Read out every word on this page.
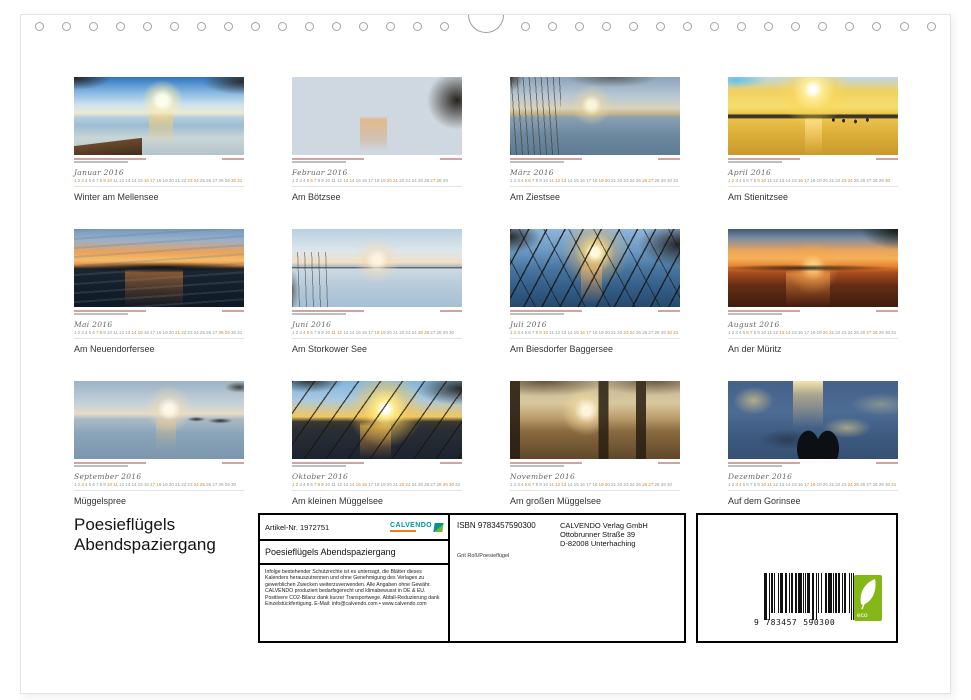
Januar 2016
12345678910111213141516171819202122232425262728293031
Winter am Mellensee
Februar 2016
1234567891011121314151617181920212223242526272829
Am Bötzsee
März 2016
12345678910111213141516171819202122232425262728293031
Am Ziestsee
April 2016
123456789101112131415161718192021222324252627282930
Am Stienitzsee
Mai 2016
12345678910111213141516171819202122232425262728293031
Am Neuendorfersee
Juni 2016
123456789101112131415161718192021222324252627282930
Am Storkower See
Juli 2016
12345678910111213141516171819202122232425262728293031
Am Biesdorfer Baggersee
August 2016
12345678910111213141516171819202122232425262728293031
An der Müritz
September 2016
123456789101112131415161718192021222324252627282930
Müggelspree
Oktober 2016
12345678910111213141516171819202122232425262728293031
Am kleinen Müggelsee
November 2016
123456789101112131415161718192021222324252627282930
Am großen Müggelsee
Dezember 2016
12345678910111213141516171819202122232425262728293031
Auf dem Gorinsee
Poesieflügels
Abendspaziergang
Artikel-Nr. 1972751	CALVENDO
Poesieflügels Abendspaziergang
Infolge bestehender Schutzrechte ist es untersagt, die Blätter dieses Kalenders herauszutrennen und ohne Genehmigung des Verlages zu gewerblichen Zwecken weiterzuverwenden. Alle Angaben ohne Gewähr. CALVENDO produziert bedarfsgerecht und klimabewusst in DE & EU. Positivere CO2-Bilanz dank kurzer Transportwege. Abfall-Reduzierung dank Einzelstückfertigung. E-Mail: info@calvendo.com • www.calvendo.com
ISBN 9783457590300
Grit Roß/Poesieflügel
CALVENDO Verlag GmbH
Ottobrunner Straße 39
D-82008 Unterhaching
9 783457 590300
eco
